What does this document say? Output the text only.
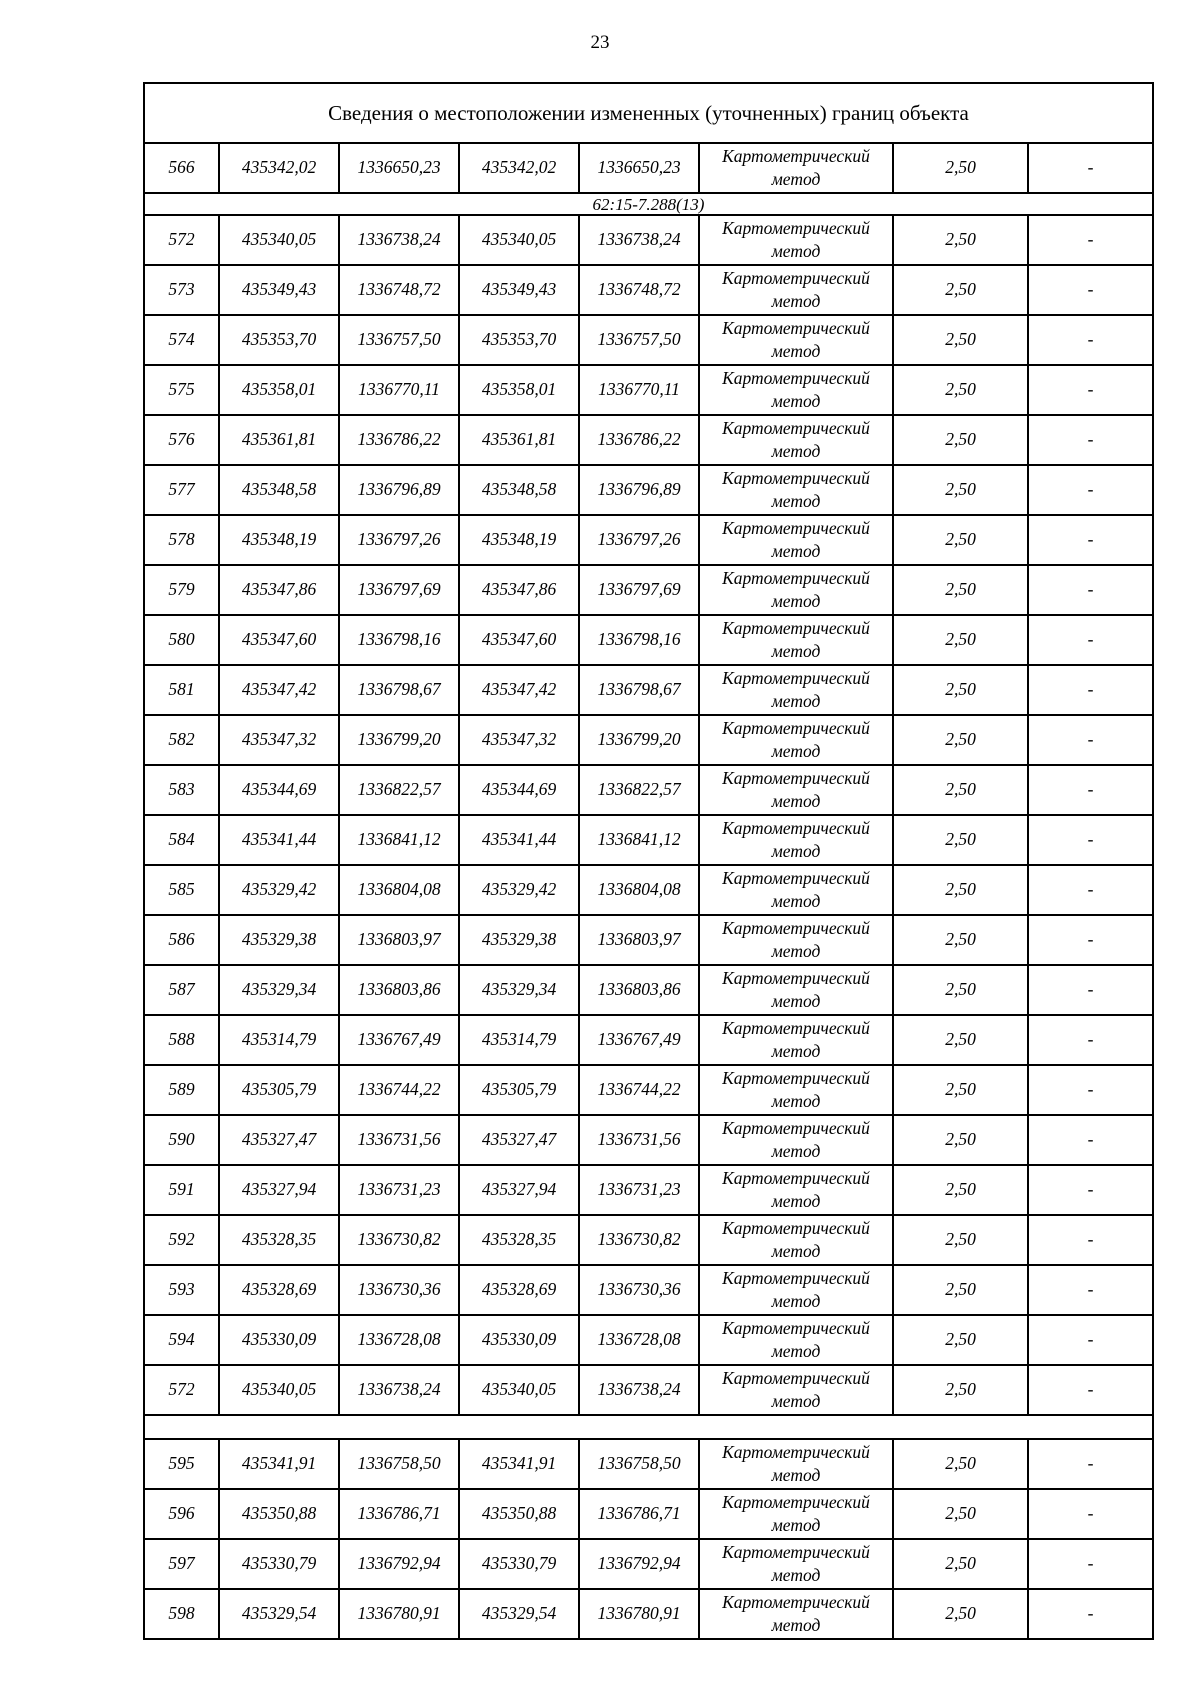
23
Сведения о местоположении измененных (уточненных) границ объекта							
566	435342,02	1336650,23	435342,02	1336650,23	Картометрический метод	2,50	-
62:15-7.288(13)							
572	435340,05	1336738,24	435340,05	1336738,24	Картометрический метод	2,50	-
573	435349,43	1336748,72	435349,43	1336748,72	Картометрический метод	2,50	-
574	435353,70	1336757,50	435353,70	1336757,50	Картометрический метод	2,50	-
575	435358,01	1336770,11	435358,01	1336770,11	Картометрический метод	2,50	-
576	435361,81	1336786,22	435361,81	1336786,22	Картометрический метод	2,50	-
577	435348,58	1336796,89	435348,58	1336796,89	Картометрический метод	2,50	-
578	435348,19	1336797,26	435348,19	1336797,26	Картометрический метод	2,50	-
579	435347,86	1336797,69	435347,86	1336797,69	Картометрический метод	2,50	-
580	435347,60	1336798,16	435347,60	1336798,16	Картометрический метод	2,50	-
581	435347,42	1336798,67	435347,42	1336798,67	Картометрический метод	2,50	-
582	435347,32	1336799,20	435347,32	1336799,20	Картометрический метод	2,50	-
583	435344,69	1336822,57	435344,69	1336822,57	Картометрический метод	2,50	-
584	435341,44	1336841,12	435341,44	1336841,12	Картометрический метод	2,50	-
585	435329,42	1336804,08	435329,42	1336804,08	Картометрический метод	2,50	-
586	435329,38	1336803,97	435329,38	1336803,97	Картометрический метод	2,50	-
587	435329,34	1336803,86	435329,34	1336803,86	Картометрический метод	2,50	-
588	435314,79	1336767,49	435314,79	1336767,49	Картометрический метод	2,50	-
589	435305,79	1336744,22	435305,79	1336744,22	Картометрический метод	2,50	-
590	435327,47	1336731,56	435327,47	1336731,56	Картометрический метод	2,50	-
591	435327,94	1336731,23	435327,94	1336731,23	Картометрический метод	2,50	-
592	435328,35	1336730,82	435328,35	1336730,82	Картометрический метод	2,50	-
593	435328,69	1336730,36	435328,69	1336730,36	Картометрический метод	2,50	-
594	435330,09	1336728,08	435330,09	1336728,08	Картометрический метод	2,50	-
572	435340,05	1336738,24	435340,05	1336738,24	Картометрический метод	2,50	-

595	435341,91	1336758,50	435341,91	1336758,50	Картометрический метод	2,50	-
596	435350,88	1336786,71	435350,88	1336786,71	Картометрический метод	2,50	-
597	435330,79	1336792,94	435330,79	1336792,94	Картометрический метод	2,50	-
598	435329,54	1336780,91	435329,54	1336780,91	Картометрический метод	2,50	-
